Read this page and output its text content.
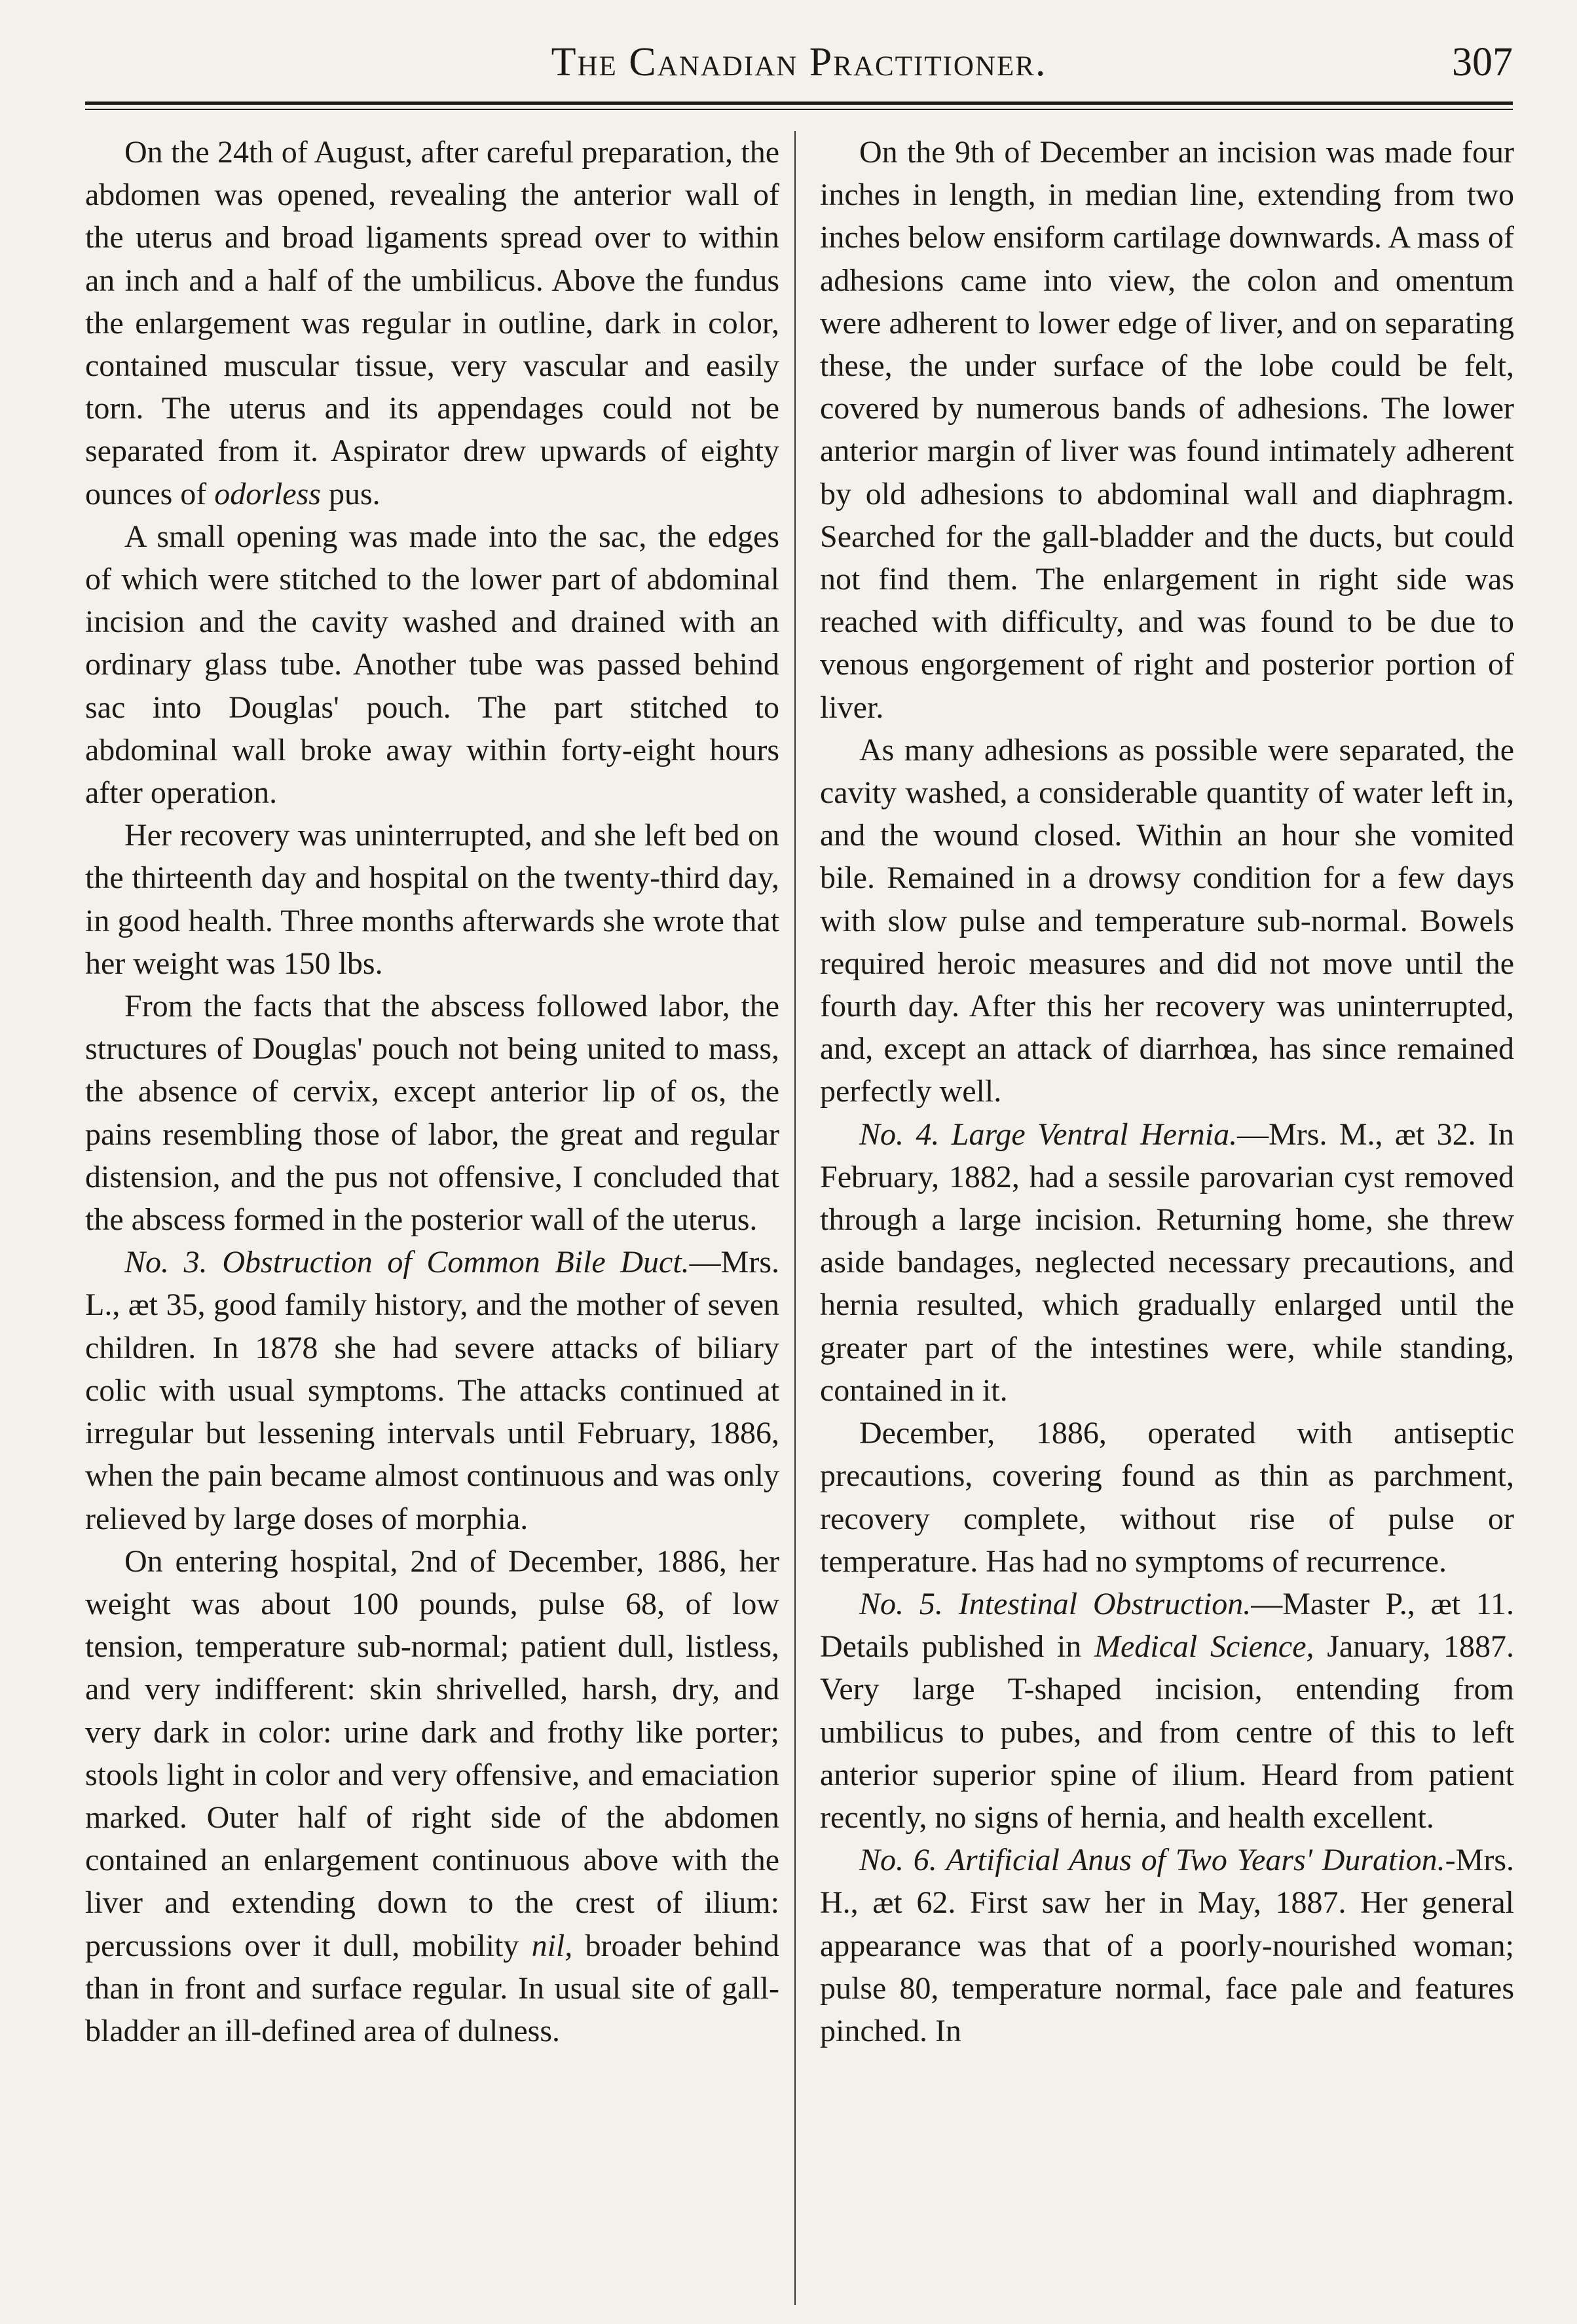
The Canadian Practitioner.	307

On the 24th of August, after careful preparation, the abdomen was opened, revealing the anterior wall of the uterus and broad ligaments spread over to within an inch and a half of the umbilicus. Above the fundus the enlargement was regular in outline, dark in color, contained muscular tissue, very vascular and easily torn. The uterus and its appendages could not be separated from it. Aspirator drew upwards of eighty ounces of odorless pus.

A small opening was made into the sac, the edges of which were stitched to the lower part of abdominal incision and the cavity washed and drained with an ordinary glass tube. Another tube was passed behind sac into Douglas' pouch. The part stitched to abdominal wall broke away within forty-eight hours after operation.

Her recovery was uninterrupted, and she left bed on the thirteenth day and hospital on the twenty-third day, in good health. Three months afterwards she wrote that her weight was 150 lbs.

From the facts that the abscess followed labor, the structures of Douglas' pouch not being united to mass, the absence of cervix, except anterior lip of os, the pains resembling those of labor, the great and regular distension, and the pus not offensive, I concluded that the abscess formed in the posterior wall of the uterus.

No. 3. Obstruction of Common Bile Duct.—Mrs. L., æt 35, good family history, and the mother of seven children. In 1878 she had severe attacks of biliary colic with usual symptoms. The attacks continued at irregular but lessening intervals until February, 1886, when the pain became almost continuous and was only relieved by large doses of morphia.

On entering hospital, 2nd of December, 1886, her weight was about 100 pounds, pulse 68, of low tension, temperature sub-normal; patient dull, listless, and very indifferent: skin shrivelled, harsh, dry, and very dark in color: urine dark and frothy like porter; stools light in color and very offensive, and emaciation marked. Outer half of right side of the abdomen contained an enlargement continuous above with the liver and extending down to the crest of ilium: percussions over it dull, mobility nil, broader behind than in front and surface regular. In usual site of gall-bladder an ill-defined area of dulness.

On the 9th of December an incision was made four inches in length, in median line, extending from two inches below ensiform cartilage downwards. A mass of adhesions came into view, the colon and omentum were adherent to lower edge of liver, and on separating these, the under surface of the lobe could be felt, covered by numerous bands of adhesions. The lower anterior margin of liver was found intimately adherent by old adhesions to abdominal wall and diaphragm. Searched for the gall-bladder and the ducts, but could not find them. The enlargement in right side was reached with difficulty, and was found to be due to venous engorgement of right and posterior portion of liver.

As many adhesions as possible were separated, the cavity washed, a considerable quantity of water left in, and the wound closed. Within an hour she vomited bile. Remained in a drowsy condition for a few days with slow pulse and temperature sub-normal. Bowels required heroic measures and did not move until the fourth day. After this her recovery was uninterrupted, and, except an attack of diarrhœa, has since remained perfectly well.

No. 4. Large Ventral Hernia.—Mrs. M., æt 32. In February, 1882, had a sessile parovarian cyst removed through a large incision. Returning home, she threw aside bandages, neglected necessary precautions, and hernia resulted, which gradually enlarged until the greater part of the intestines were, while standing, contained in it.

December, 1886, operated with antiseptic precautions, covering found as thin as parchment, recovery complete, without rise of pulse or temperature. Has had no symptoms of recurrence.

No. 5. Intestinal Obstruction.—Master P., æt 11. Details published in Medical Science, January, 1887. Very large T-shaped incision, entending from umbilicus to pubes, and from centre of this to left anterior superior spine of ilium. Heard from patient recently, no signs of hernia, and health excellent.

No. 6. Artificial Anus of Two Years' Duration.-Mrs. H., æt 62. First saw her in May, 1887. Her general appearance was that of a poorly-nourished woman; pulse 80, temperature normal, face pale and features pinched. In
